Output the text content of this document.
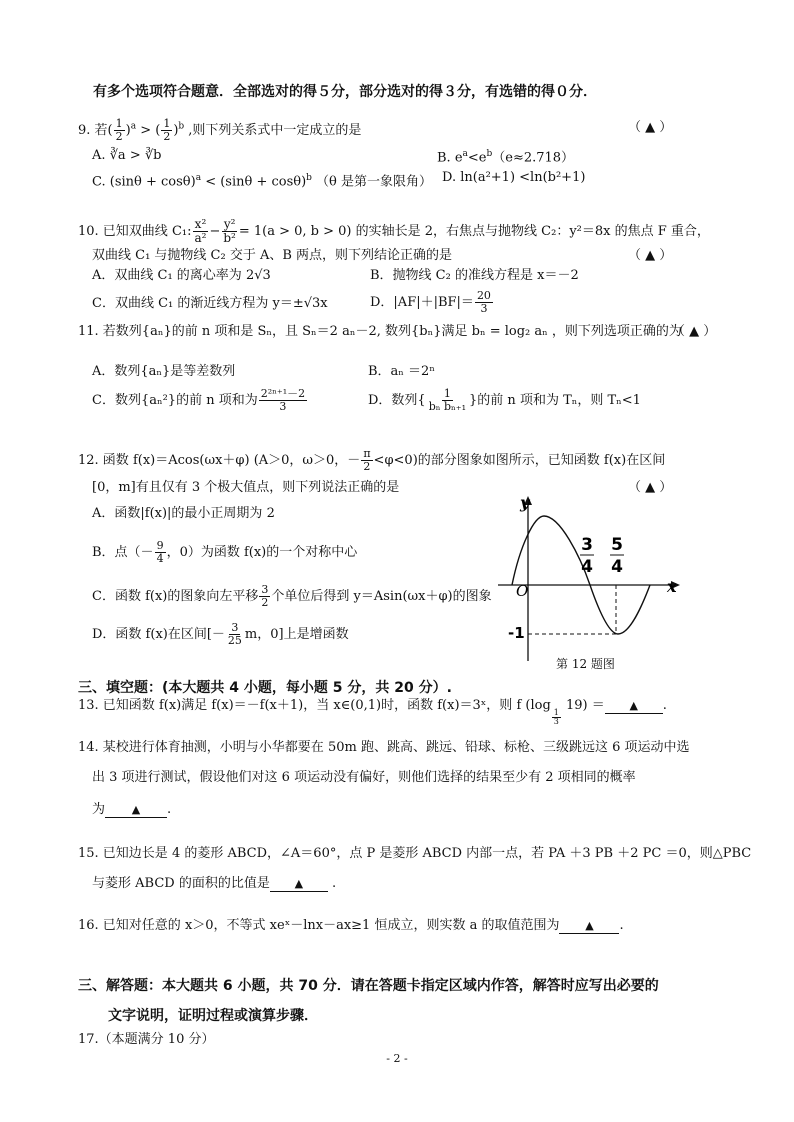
有多个选项符合题意．全部选对的得５分，部分选对的得３分，有选错的得０分．
9. 若( $\frac{1}{2} )^a$ > ( $\frac{1}{2} )^b$ ,则下列关系式中一定成立的是	（ ▲ ）
A. ∛a > ∛b	B. $e^a<e^b(e\approx 2.718)$
C. $(\sin\theta + \cos\theta)^a < (\sin\theta + \cos\theta)^b$ （θ 是第一象限角） D. ln(a²+1) <ln(b²+1)
10. 已知双曲线 C₁: $\frac{\text{x²}}{\text{a²}} - \frac{\text{y²}}{\text{b²}} = 1(a > 0$, b > 0) 的实轴长是 2，右焦点与抛物线 C₂：y²＝8x 的焦点 F 重合，
双曲线 C₁ 与抛物线 C₂ 交于 A、B 两点，则下列结论正确的是	（ ▲ ）
A．双曲线 C₁ 的离心率为 2√3	B．抛物线 C₂ 的准线方程是 x＝－2
C．双曲线 C₁ 的渐近线方程为 y＝±√3x	D．$|AF|+|BF|= \frac{20}{3}$
11. 若数列{aₙ}的前 n 项和是 Sₙ，且 Sₙ＝2 aₙ－2, 数列{bₙ}满足 bₙ = log₂ aₙ ，则下列选项正确的为
（ ▲ ）
A．数列{aₙ}是等差数列	B．aₙ ＝2ⁿ
C．数列{aₙ²}的前 n 项和为 $\frac{\text{2²ⁿ⁺¹－2}}{3}$	D．数列{ $\frac{1}{\text{bₙ bₙ₊₁}}$ }的前 n 项和为 Tₙ，则 Tₙ<1
12. 函数 f(x)＝Acos(ωx＋φ) (A＞0，ω＞0，－ $\frac{\pi}{2} <\varphi<0$)的部分图象如图所示，已知函数 f(x)在区间
[0，m]有且仅有 3 个极大值点，则下列说法正确的是	（ ▲ ）
A．函数|f(x)|的最小正周期为 2
B．点（－ $\frac{9}{4}$ ，0）为函数 f(x)的一个对称中心
C．函数 f(x)的图象向左平移 $\frac{3}{2}$ 个单位后得到 y＝Asin(ωx＋φ)的图象
D．函数 f(x)在区间[－ $\frac{3}{25}$ m，0]上是增函数
y
x
O
3
4
5
4
-1
第 12 题图
三、填空题：(本大题共 4 小题，每小题 5 分，共 20 分）.
13. 已知函数 f(x)满足 f(x)＝－f(x＋1)，当 x∈(0,1)时，函数 f(x)＝3ˣ，则 f (log
$\frac{1}{3}$
19) ＝ ▲ .
14. 某校进行体育抽测，小明与小华都要在 50m 跑、跳高、跳远、铅球、标枪、三级跳远这 6 项运动中选
出 3 项进行测试，假设他们对这 6 项运动没有偏好，则他们选择的结果至少有 2 项相同的概率
为 ▲ .
15. 已知边长是 4 的菱形 ABCD，∠A＝60°，点 P 是菱形 ABCD 内部一点，若 PA ＋3 PB ＋2 PC ＝0，则△PBC
与菱形 ABCD 的面积的比值是 ▲ .
16. 已知对任意的 x＞0，不等式 xeˣ－lnx－ax≥1 恒成立，则实数 a 的取值范围为 ▲ .
三、解答题：本大题共 6 小题，共 70 分．请在答题卡指定区域内作答，解答时应写出必要的
文字说明，证明过程或演算步骤．
17.（本题满分 10 分）
- 2 -
